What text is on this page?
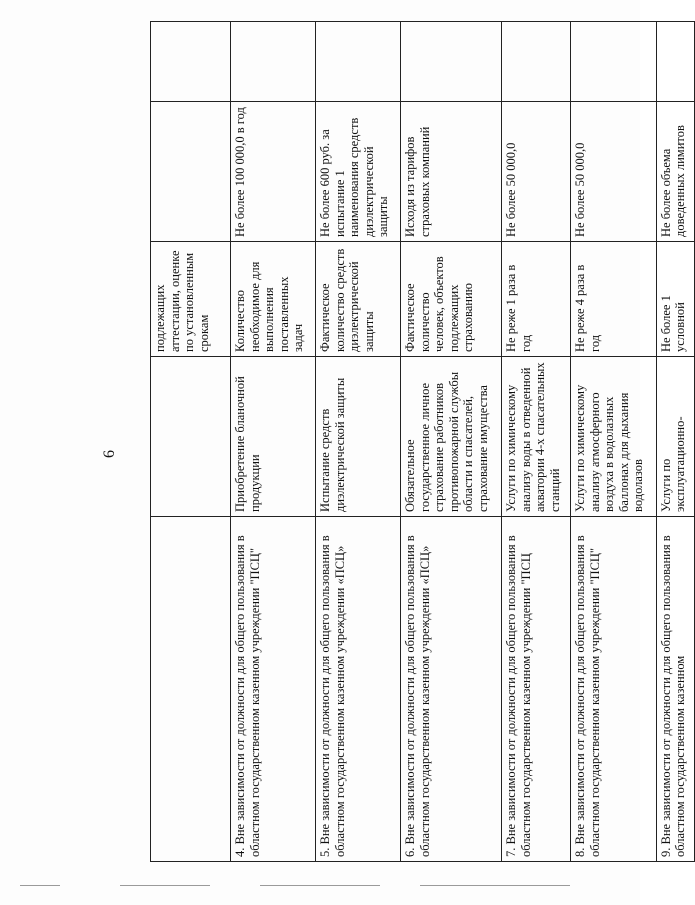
6
		подлежащих аттестации, оценке по установленным срокам		
4. Вне зависимости от должности для общего пользования в областном государственном казенном учреждении "ПСЦ"	Приобретение бланочной продукции	Количество необходимое для выполнения поставленных задач	Не более 100 000,0 в год	
5. Вне зависимости от должности для общего пользования в областном государственном казенном учреждении «ПСЦ»	Испытание средств диэлектрической защиты	Фактическое количество средств диэлектрической защиты	Не более 600 руб. за испытание 1 наименования средств диэлектрической защиты	
6. Вне зависимости от должности для общего пользования в областном государственном казенном учреждении «ПСЦ»	Обязательное государственное личное страхование работников противопожарной службы области и спасателей, страхование имущества	Фактическое количество человек, объектов подлежащих страхованию	Исходя из тарифов страховых компаний	
7. Вне зависимости от должности для общего пользования в областном государственном казенном учреждении "ПСЦ	Услуги по химическому анализу воды в отведенной акватории 4-х спасательных станций	Не реже 1 раза в год	Не более 50 000,0	
8. Вне зависимости от должности для общего пользования в областном государственном казенном учреждении "ПСЦ"	Услуги по химическому анализу атмосферного воздуха в водолазных баллонах для дыхания водолазов	Не реже 4 раза в год	Не более 50 000,0	
9. Вне зависимости от должности для общего пользования в областном государственном казенном	Услуги по эксплуатационно-	Не более 1 условной	Не более объема доведенных лимитов	
